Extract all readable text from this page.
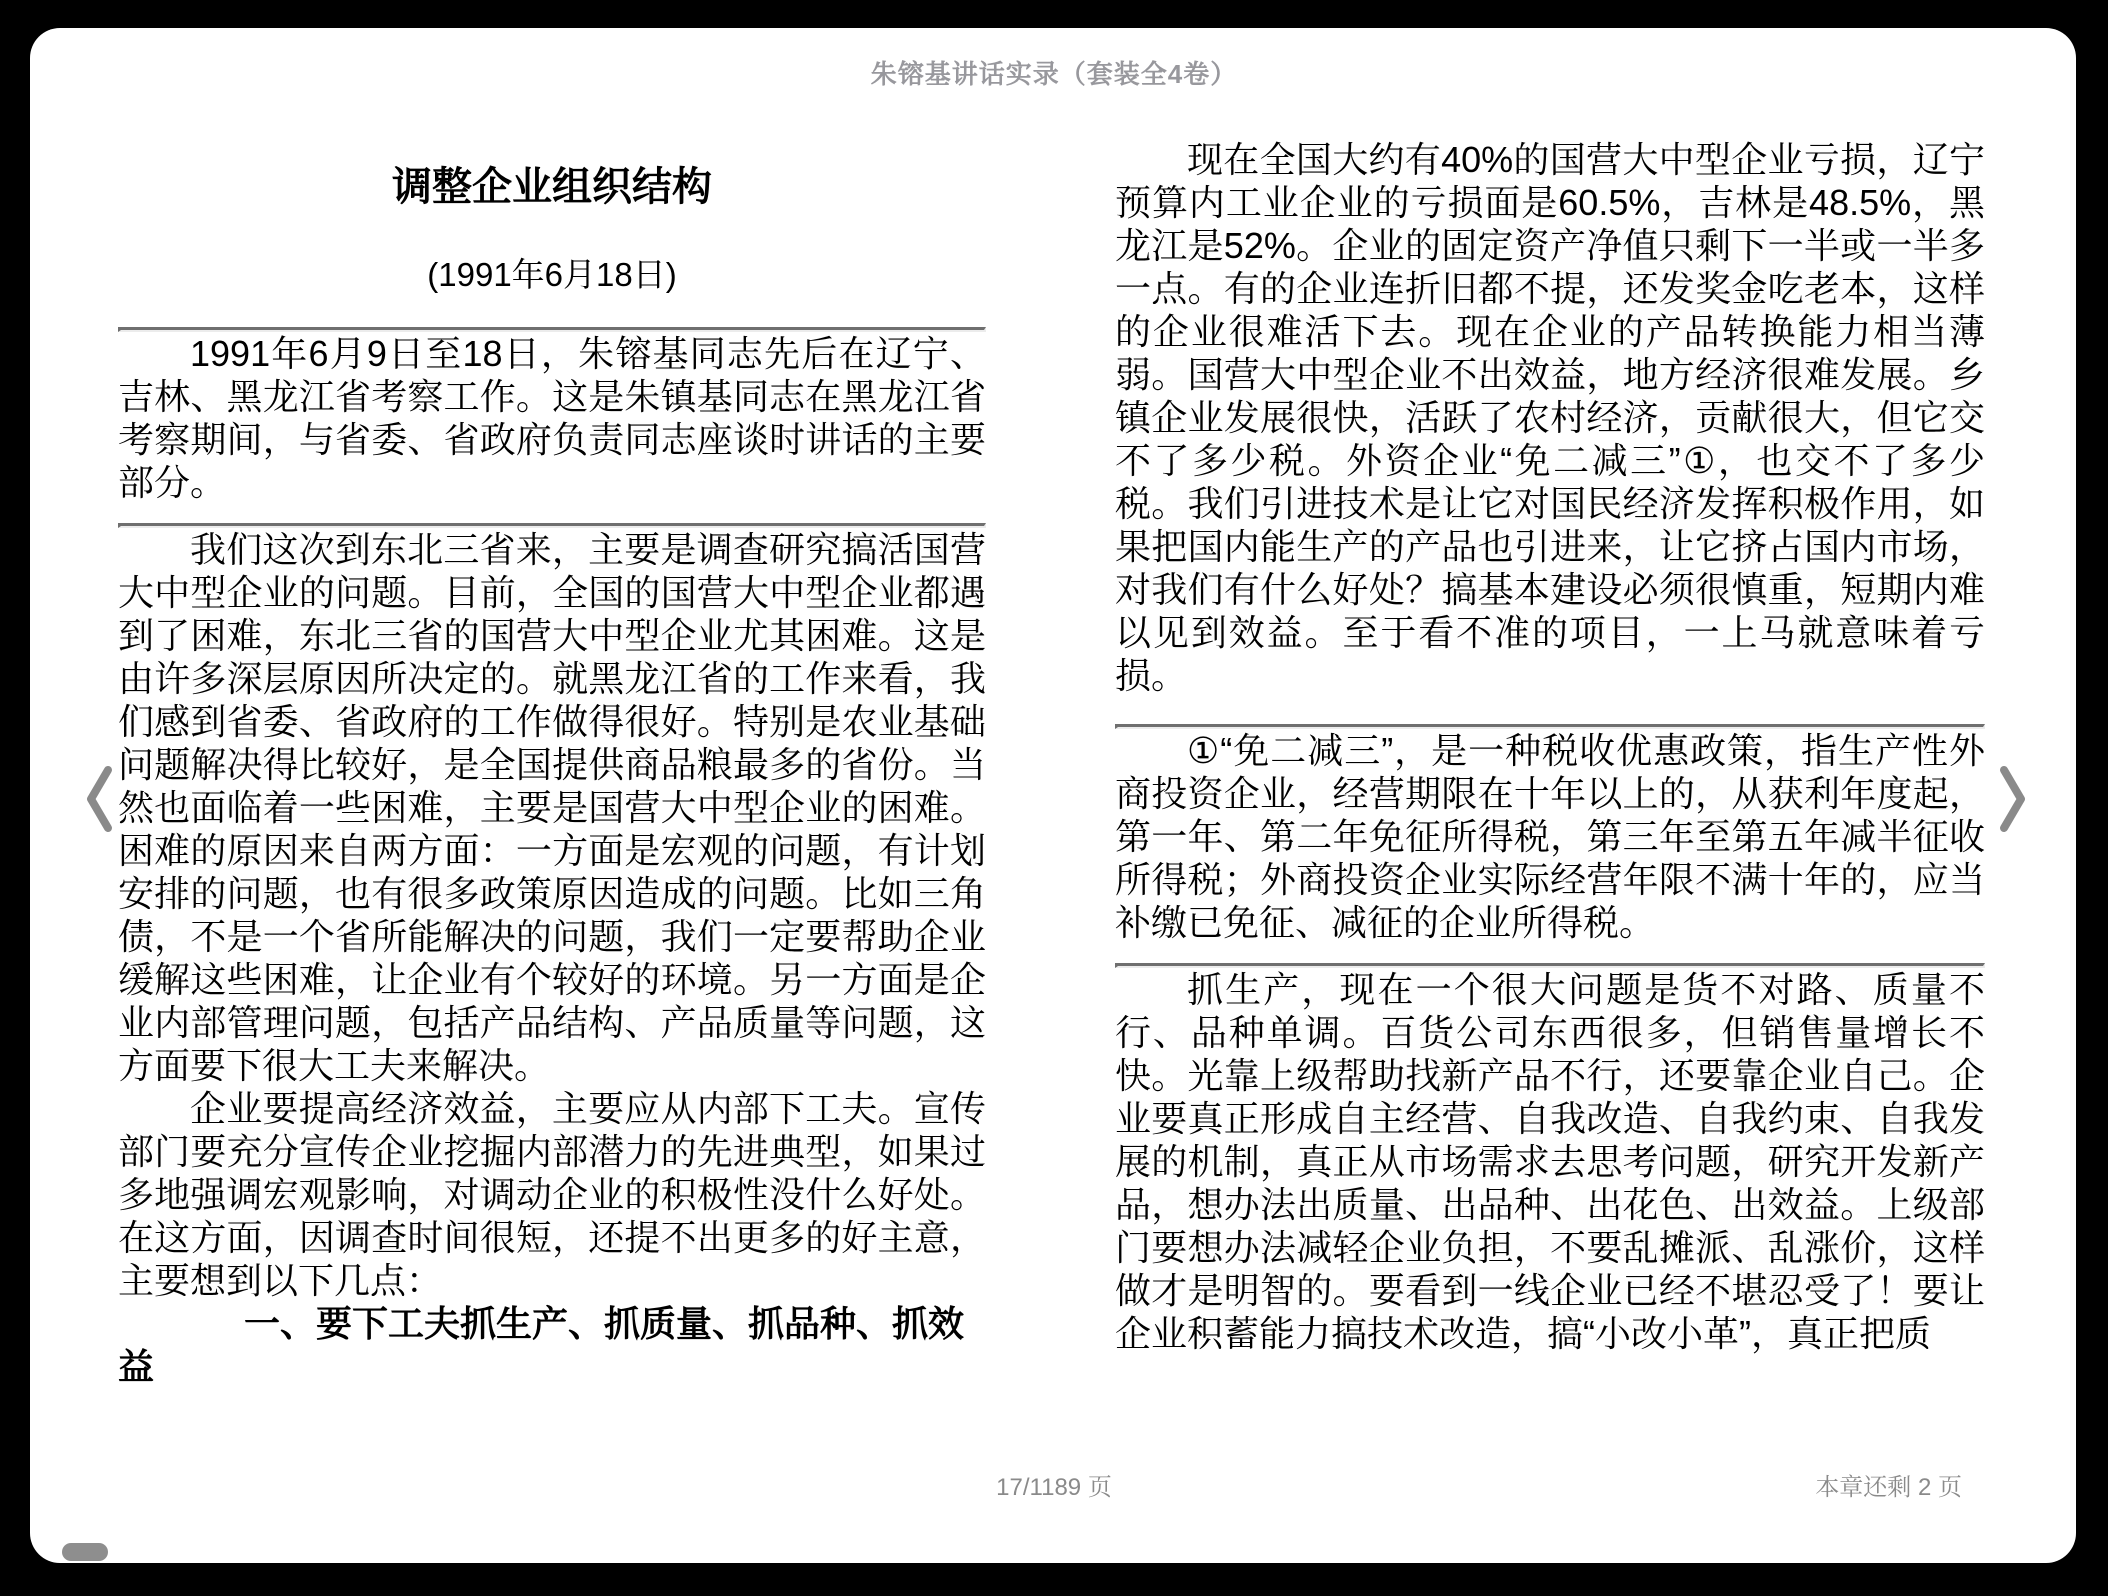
朱镕基讲话实录（套装全4卷）
调整企业组织结构
(1991年6月18日)

1991年6月9日至18日，朱镕基同志先后在辽宁、吉林、黑龙江省考察工作。这是朱镇基同志在黑龙江省考察期间，与省委、省政府负责同志座谈时讲话的主要部分。

我们这次到东北三省来，主要是调查研究搞活国营大中型企业的问题。目前，全国的国营大中型企业都遇到了困难，东北三省的国营大中型企业尤其困难。这是由许多深层原因所决定的。就黑龙江省的工作来看，我们感到省委、省政府的工作做得很好。特别是农业基础问题解决得比较好，是全国提供商品粮最多的省份。当然也面临着一些困难，主要是国营大中型企业的困难。困难的原因来自两方面：一方面是宏观的问题，有计划安排的问题，也有很多政策原因造成的问题。比如三角债，不是一个省所能解决的问题，我们一定要帮助企业缓解这些困难，让企业有个较好的环境。另一方面是企业内部管理问题，包括产品结构、产品质量等问题，这方面要下很大工夫来解决。

企业要提高经济效益，主要应从内部下工夫。宣传部门要充分宣传企业挖掘内部潜力的先进典型，如果过多地强调宏观影响，对调动企业的积极性没什么好处。在这方面，因调查时间很短，还提不出更多的好主意，主要想到以下几点：

一、要下工夫抓生产、抓质量、抓品种、抓效益

现在全国大约有40%的国营大中型企业亏损，辽宁预算内工业企业的亏损面是60.5%，吉林是48.5%，黑龙江是52%。企业的固定资产净值只剩下一半或一半多一点。有的企业连折旧都不提，还发奖金吃老本，这样的企业很难活下去。现在企业的产品转换能力相当薄弱。国营大中型企业不出效益，地方经济很难发展。乡镇企业发展很快，活跃了农村经济，贡献很大，但它交不了多少税。外资企业“免二减三”①，也交不了多少税。我们引进技术是让它对国民经济发挥积极作用，如果把国内能生产的产品也引进来，让它挤占国内市场，对我们有什么好处？搞基本建设必须很慎重，短期内难以见到效益。至于看不准的项目，一上马就意味着亏损。

①“免二减三”，是一种税收优惠政策，指生产性外商投资企业，经营期限在十年以上的，从获利年度起，第一年、第二年免征所得税，第三年至第五年减半征收所得税；外商投资企业实际经营年限不满十年的，应当补缴已免征、减征的企业所得税。

抓生产，现在一个很大问题是货不对路、质量不行、品种单调。百货公司东西很多，但销售量增长不快。光靠上级帮助找新产品不行，还要靠企业自己。企业要真正形成自主经营、自我改造、自我约束、自我发展的机制，真正从市场需求去思考问题，研究开发新产品，想办法出质量、出品种、出花色、出效益。上级部门要想办法减轻企业负担，不要乱摊派、乱涨价，这样做才是明智的。要看到一线企业已经不堪忍受了！要让企业积蓄能力搞技术改造，搞“小改小革”，真正把质

17/1189 页	本章还剩 2 页
